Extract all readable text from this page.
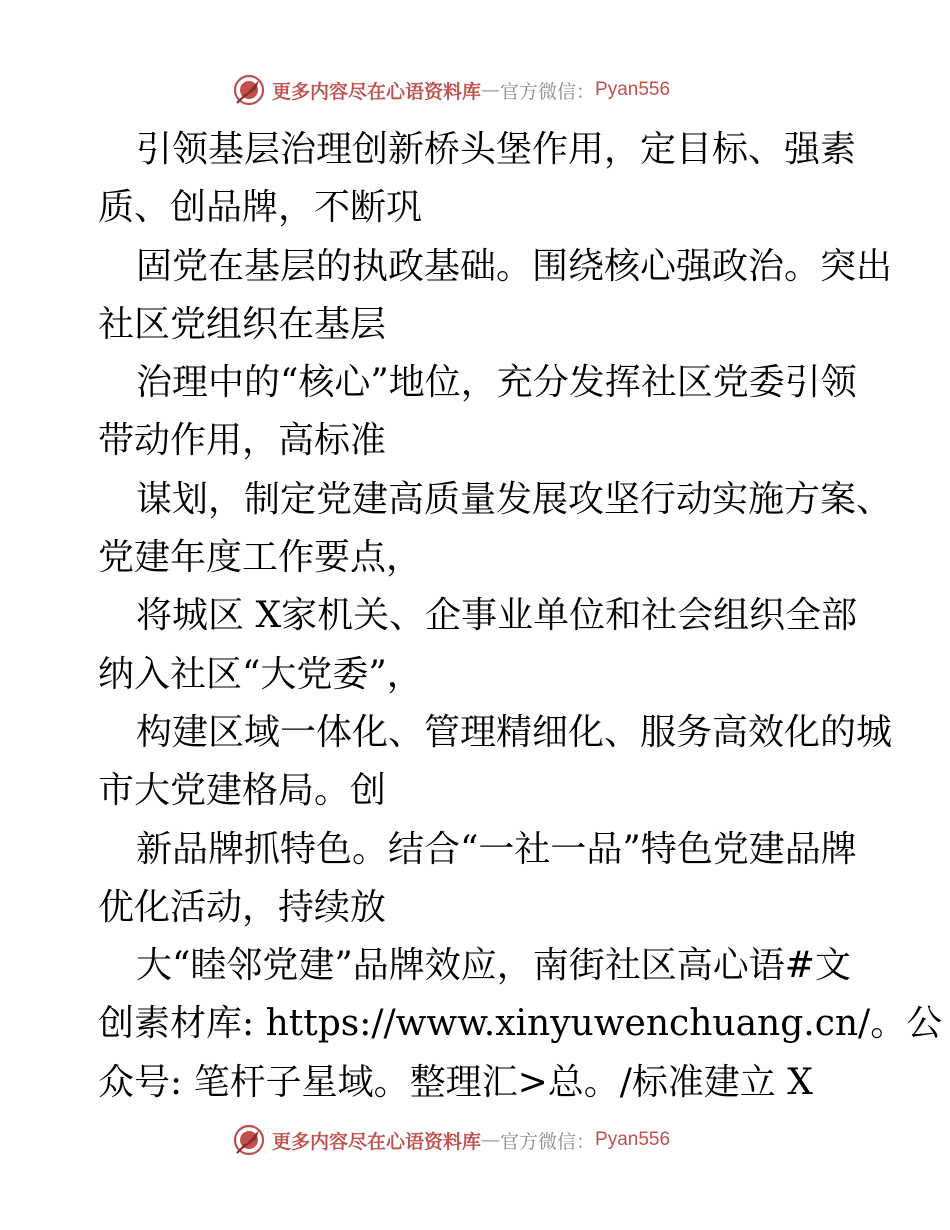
更多内容尽在心语资料库 — 官方微信： Pyan556
引领基层治理创新桥头堡作用，定目标、强素
质、创品牌，不断巩
固党在基层的执政基础。围绕核心强政治。突出
社区党组织在基层
治理中的“核心”地位，充分发挥社区党委引领
带动作用，高标准
谋划，制定党建高质量发展攻坚行动实施方案、
党建年度工作要点，
将城区 X家机关、企事业单位和社会组织全部
纳入社区“大党委”，
构建区域一体化、管理精细化、服务高效化的城
市大党建格局。创
新品牌抓特色。结合“一社一品”特色党建品牌
优化活动，持续放
大“睦邻党建”品牌效应，南街社区高心语#文
创素材库: https://www.xinyuwenchuang.cn/。公
众号: 笔杆子星域。整理汇>总。/标准建立 X
更多内容尽在心语资料库 — 官方微信： Pyan556
